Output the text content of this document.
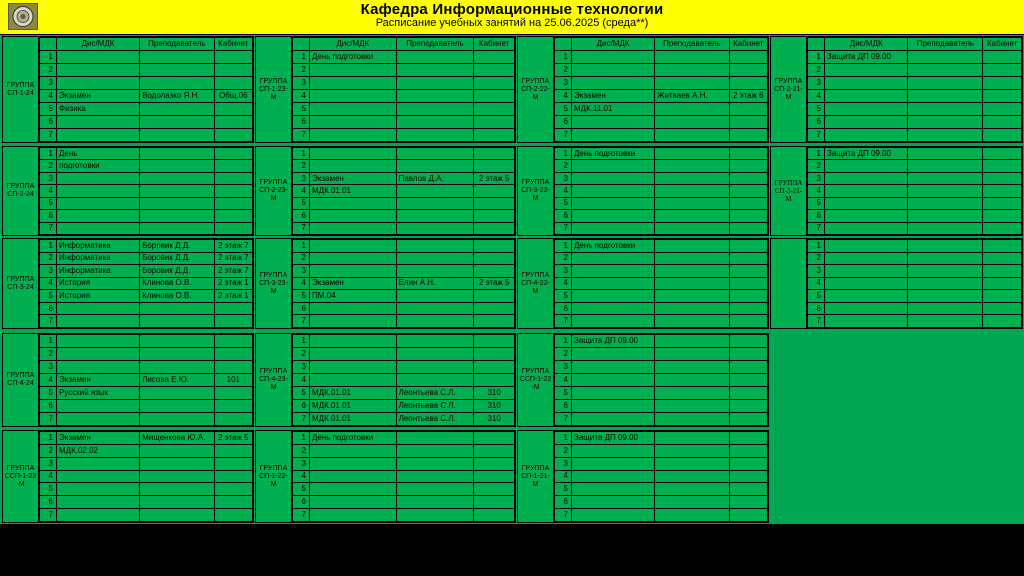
Кафедра Информационные технологии
Расписание учебных занятий на 25.06.2025 (среда**)
ГРУППА СП-1-24
	Дис/МДК	Преподаватель	Кабинет
1			
2			
3			
4	Экзамен	Водолазко Я.Н.	Общ.06
5	Физика		
6			
7			
ГРУППА СП-1-23-М
	Дис/МДК	Преподаватель	Кабинет
1	День подготовки		
2			
3			
4			
5			
6			
7			
ГРУППА СП-2-22-М
	Дис/МДК	Преподаватель	Кабинет
1			
2			
3			
4	Экзамен	Житваев А.Н.	2 этаж 6
5	МДК.11.01		
6			
7			
ГРУППА СП-2-21-М
	Дис/МДК	Преподаватель	Кабинет
1	Защита ДП 09.00		
2			
3			
4			
5			
6			
7			
ГРУППА СП-2-24
1	День		
2	подготовки		
3			
4			
5			
6			
7			
ГРУППА СП-2-23-М
1			
2			
3	Экзамен	Павлов Д.А.	2 этаж 5
4	МДК.01.01		
5			
6			
7			
ГРУППА СП-3-22-М
1	День подготовки		
2			
3			
4			
5			
6			
7			
ГРУППА СП-3-21-М
1	Защита ДП 09.00		
2			
3			
4			
5			
6			
7			
ГРУППА СП-3-24
1	Информатика	Боровик Д.Д.	2 этаж 7
2	Информатика	Боровик Д.Д.	2 этаж 7
3	Информатика	Боровик Д.Д.	2 этаж 7
4	История	Клинова О.В.	2 этаж 1
5	История	Клинова О.В.	2 этаж 1
6			
7			
ГРУППА СП-3-23-М
1			
2			
3			
4	Экзамен	Елин А.Н.	2 этаж 5
5	ПМ.04		
6			
7			
ГРУППА СП-4-22-М
1	День подготовки		
2			
3			
4			
5			
6			
7			
1			
2			
3			
4			
5			
6			
7			
ГРУППА СП-4-24
1			
2			
3			
4	Экзамен	Лисова Е.Ю.	101
5	Русский язык		
6			
7			
ГРУППА СП-4-23-М
1			
2			
3			
4			
5	МДК.01.01	Леонтьева С.Л.	310
6	МДК.01.01	Леонтьева С.Л.	310
7	МДК.01.01	Леонтьева С.Л.	310
ГРУППА ССП-1-22-М
1	Защита ДП 09.00		
2			
3			
4			
5			
6			
7			
ГРУППА ССП-1-23-М
1	Экзамен	Мищенкова Ю.А.	2 этаж 5
2	МДК.02.02		
3			
4			
5			
6			
7			
ГРУППА СП-1-22-М
1	День подготовки		
2			
3			
4			
5			
6			
7			
ГРУППА СП-1-21-М
1	Защита ДП 09.00		
2			
3			
4			
5			
6			
7			
